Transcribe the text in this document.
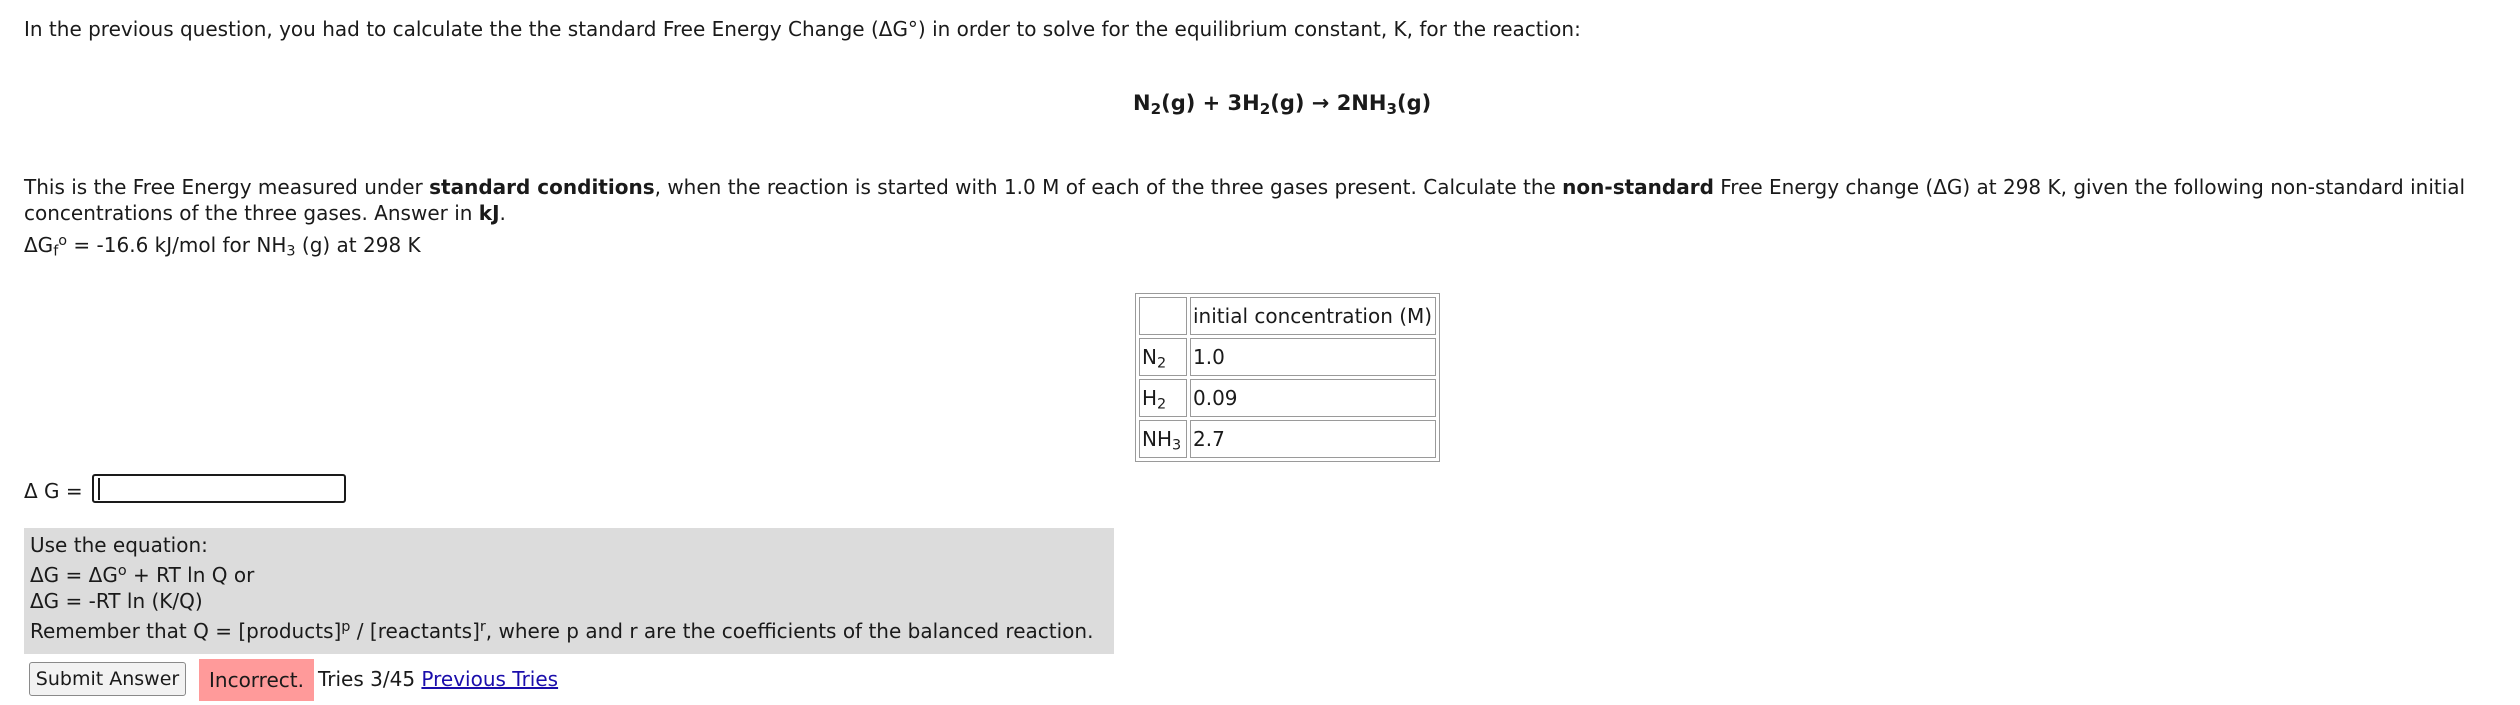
In the previous question, you had to calculate the the standard Free Energy Change (ΔG°) in order to solve for the equilibrium constant, K, for the reaction:
$N_2(g) + 3H_2(g) \to 2NH_3(g)$
This is the Free Energy measured under standard conditions, when the reaction is started with 1.0 M of each of the three gases present. Calculate the non-standard Free Energy change (ΔG) at 298 K, given the following non-standard initial concentrations of the three gases. Answer in kJ.
$\Delta G_f^o = -16.6$ kJ/mol for $NH_3$ (g) at 298 K
	initial concentration (M)
$N_2$	1.0
$H_2$	0.09
$NH_3$	2.7
Δ G =
Use the equation:
$\Delta G = \Delta G^o$ + RT ln Q or
ΔG = -RT ln (K/Q)
Remember that Q = [products]$^p$ / [reactants]$^r$, where p and r are the coefficients of the balanced reaction.
Submit Answer	Incorrect. Tries 3/45 Previous Tries
